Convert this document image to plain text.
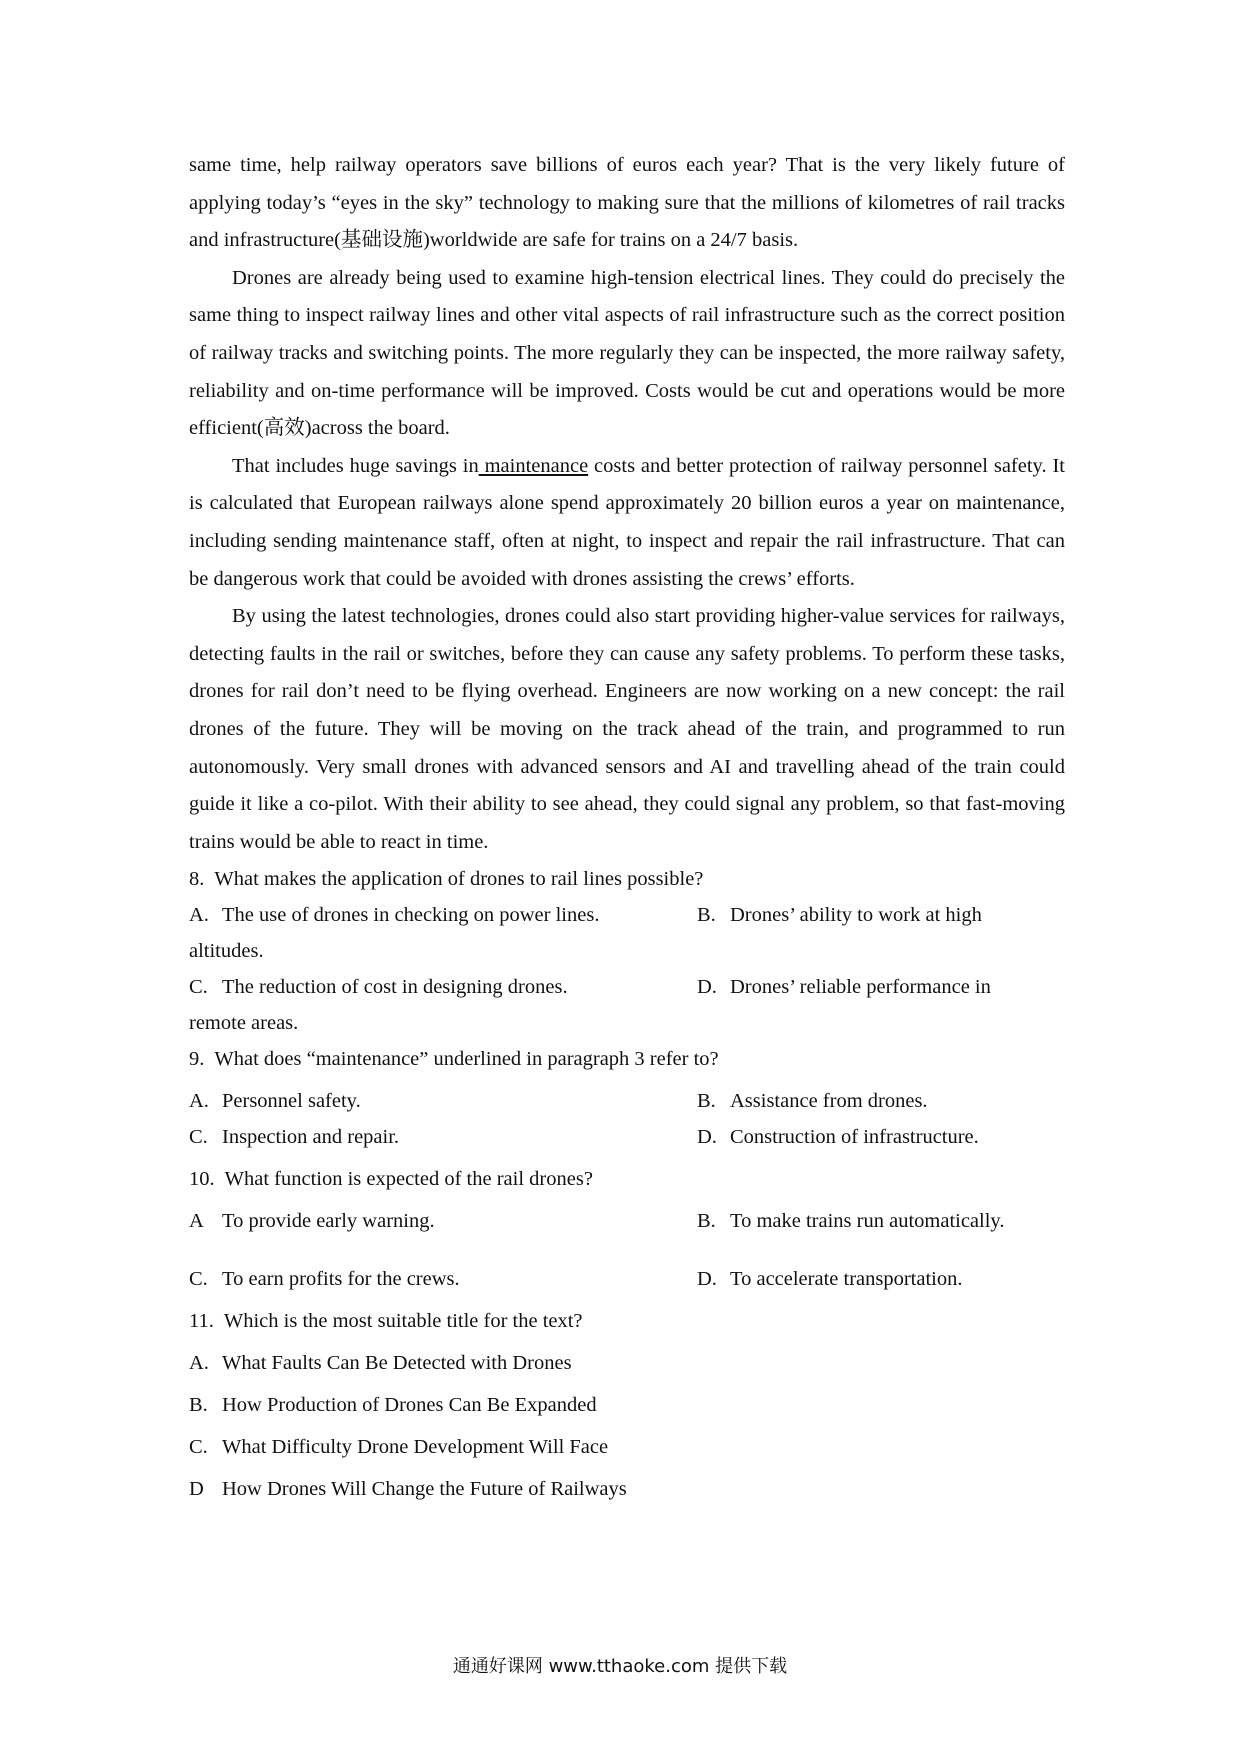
same time, help railway operators save billions of euros each year? That is the very likely future of applying today’s “eyes in the sky” technology to making sure that the millions of kilometres of rail tracks and infrastructure(基础设施)worldwide are safe for trains on a 24/7 basis.

Drones are already being used to examine high-tension electrical lines. They could do precisely the same thing to inspect railway lines and other vital aspects of rail infrastructure such as the correct position of railway tracks and switching points. The more regularly they can be inspected, the more railway safety, reliability and on-time performance will be improved. Costs would be cut and operations would be more efficient(高效)across the board.

That includes huge savings in maintenance costs and better protection of railway personnel safety. It is calculated that European railways alone spend approximately 20 billion euros a year on maintenance, including sending maintenance staff, often at night, to inspect and repair the rail infrastructure. That can be dangerous work that could be avoided with drones assisting the crews’ efforts.

By using the latest technologies, drones could also start providing higher-value services for railways, detecting faults in the rail or switches, before they can cause any safety problems. To perform these tasks, drones for rail don’t need to be flying overhead. Engineers are now working on a new concept: the rail drones of the future. They will be moving on the track ahead of the train, and programmed to run autonomously. Very small drones with advanced sensors and AI and travelling ahead of the train could guide it like a co-pilot. With their ability to see ahead, they could signal any problem, so that fast-moving trains would be able to react in time.

8. What makes the application of drones to rail lines possible?
A. The use of drones in checking on power lines.	B. Drones’ ability to work at high
altitudes.
C. The reduction of cost in designing drones.	D. Drones’ reliable performance in
remote areas.
9. What does “maintenance” underlined in paragraph 3 refer to?
A. Personnel safety.	B. Assistance from drones.
C. Inspection and repair.	D. Construction of infrastructure.
10. What function is expected of the rail drones?
A To provide early warning.	B. To make trains run automatically.
C. To earn profits for the crews.	D. To accelerate transportation.
11. Which is the most suitable title for the text?
A. What Faults Can Be Detected with Drones
B. How Production of Drones Can Be Expanded
C. What Difficulty Drone Development Will Face
D How Drones Will Change the Future of Railways
通通好课网 www.tthaoke.com 提供下载
